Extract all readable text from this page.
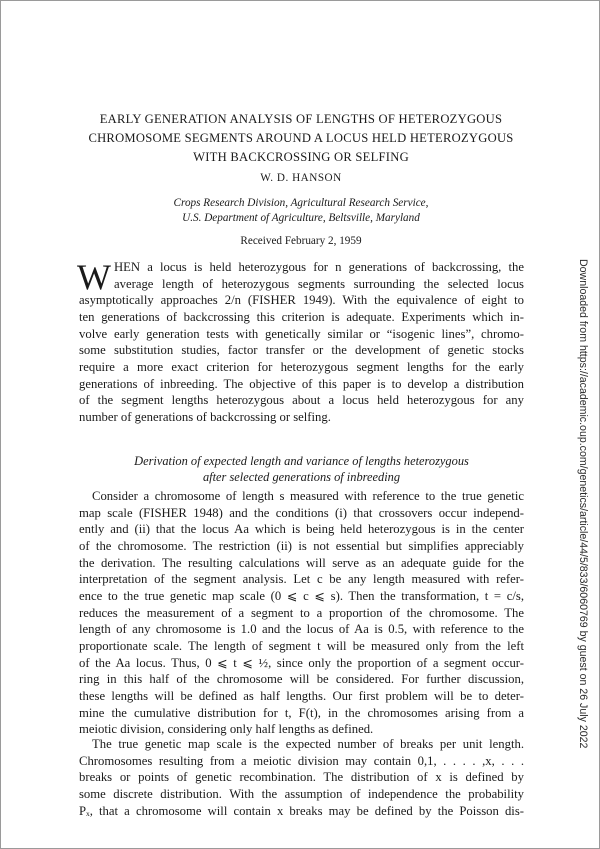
EARLY GENERATION ANALYSIS OF LENGTHS OF HETEROZYGOUS
CHROMOSOME SEGMENTS AROUND A LOCUS HELD HETEROZYGOUS
WITH BACKCROSSING OR SELFING
W. D. HANSON
Crops Research Division, Agricultural Research Service,
U.S. Department of Agriculture, Beltsville, Maryland
Received February 2, 1959
W HEN a locus is held heterozygous for n generations of backcrossing, the
average length of heterozygous segments surrounding the selected locus
asymptotically approaches 2/n (FISHER 1949). With the equivalence of eight to
ten generations of backcrossing this criterion is adequate. Experiments which in-
volve early generation tests with genetically similar or “isogenic lines”, chromo-
some substitution studies, factor transfer or the development of genetic stocks
require a more exact criterion for heterozygous segment lengths for the early
generations of inbreeding. The objective of this paper is to develop a distribution
of the segment lengths heterozygous about a locus held heterozygous for any
number of generations of backcrossing or selfing.
Derivation of expected length and variance of lengths heterozygous
after selected generations of inbreeding
Consider a chromosome of length s measured with reference to the true genetic
map scale (FISHER 1948) and the conditions (i) that crossovers occur independ-
ently and (ii) that the locus Aa which is being held heterozygous is in the center
of the chromosome. The restriction (ii) is not essential but simplifies appreciably
the derivation. The resulting calculations will serve as an adequate guide for the
interpretation of the segment analysis. Let c be any length measured with refer-
ence to the true genetic map scale (0 ⩽ c ⩽ s). Then the transformation, t = c/s,
reduces the measurement of a segment to a proportion of the chromosome. The
length of any chromosome is 1.0 and the locus of Aa is 0.5, with reference to the
proportionate scale. The length of segment t will be measured only from the left
of the Aa locus. Thus, 0 ⩽ t ⩽ ½, since only the proportion of a segment occur-
ring in this half of the chromosome will be considered. For further discussion,
these lengths will be defined as half lengths. Our first problem will be to deter-
mine the cumulative distribution for t, F(t), in the chromosomes arising from a
meiotic division, considering only half lengths as defined.
The true genetic map scale is the expected number of breaks per unit length.
Chromosomes resulting from a meiotic division may contain 0,1, . . . . ,x, . . .
breaks or points of genetic recombination. The distribution of x is defined by
some discrete distribution. With the assumption of independence the probability
Pₓ, that a chromosome will contain x breaks may be defined by the Poisson dis-
Downloaded from https://academic.oup.com/genetics/article/44/5/833/6060769 by guest on 26 July 2022
